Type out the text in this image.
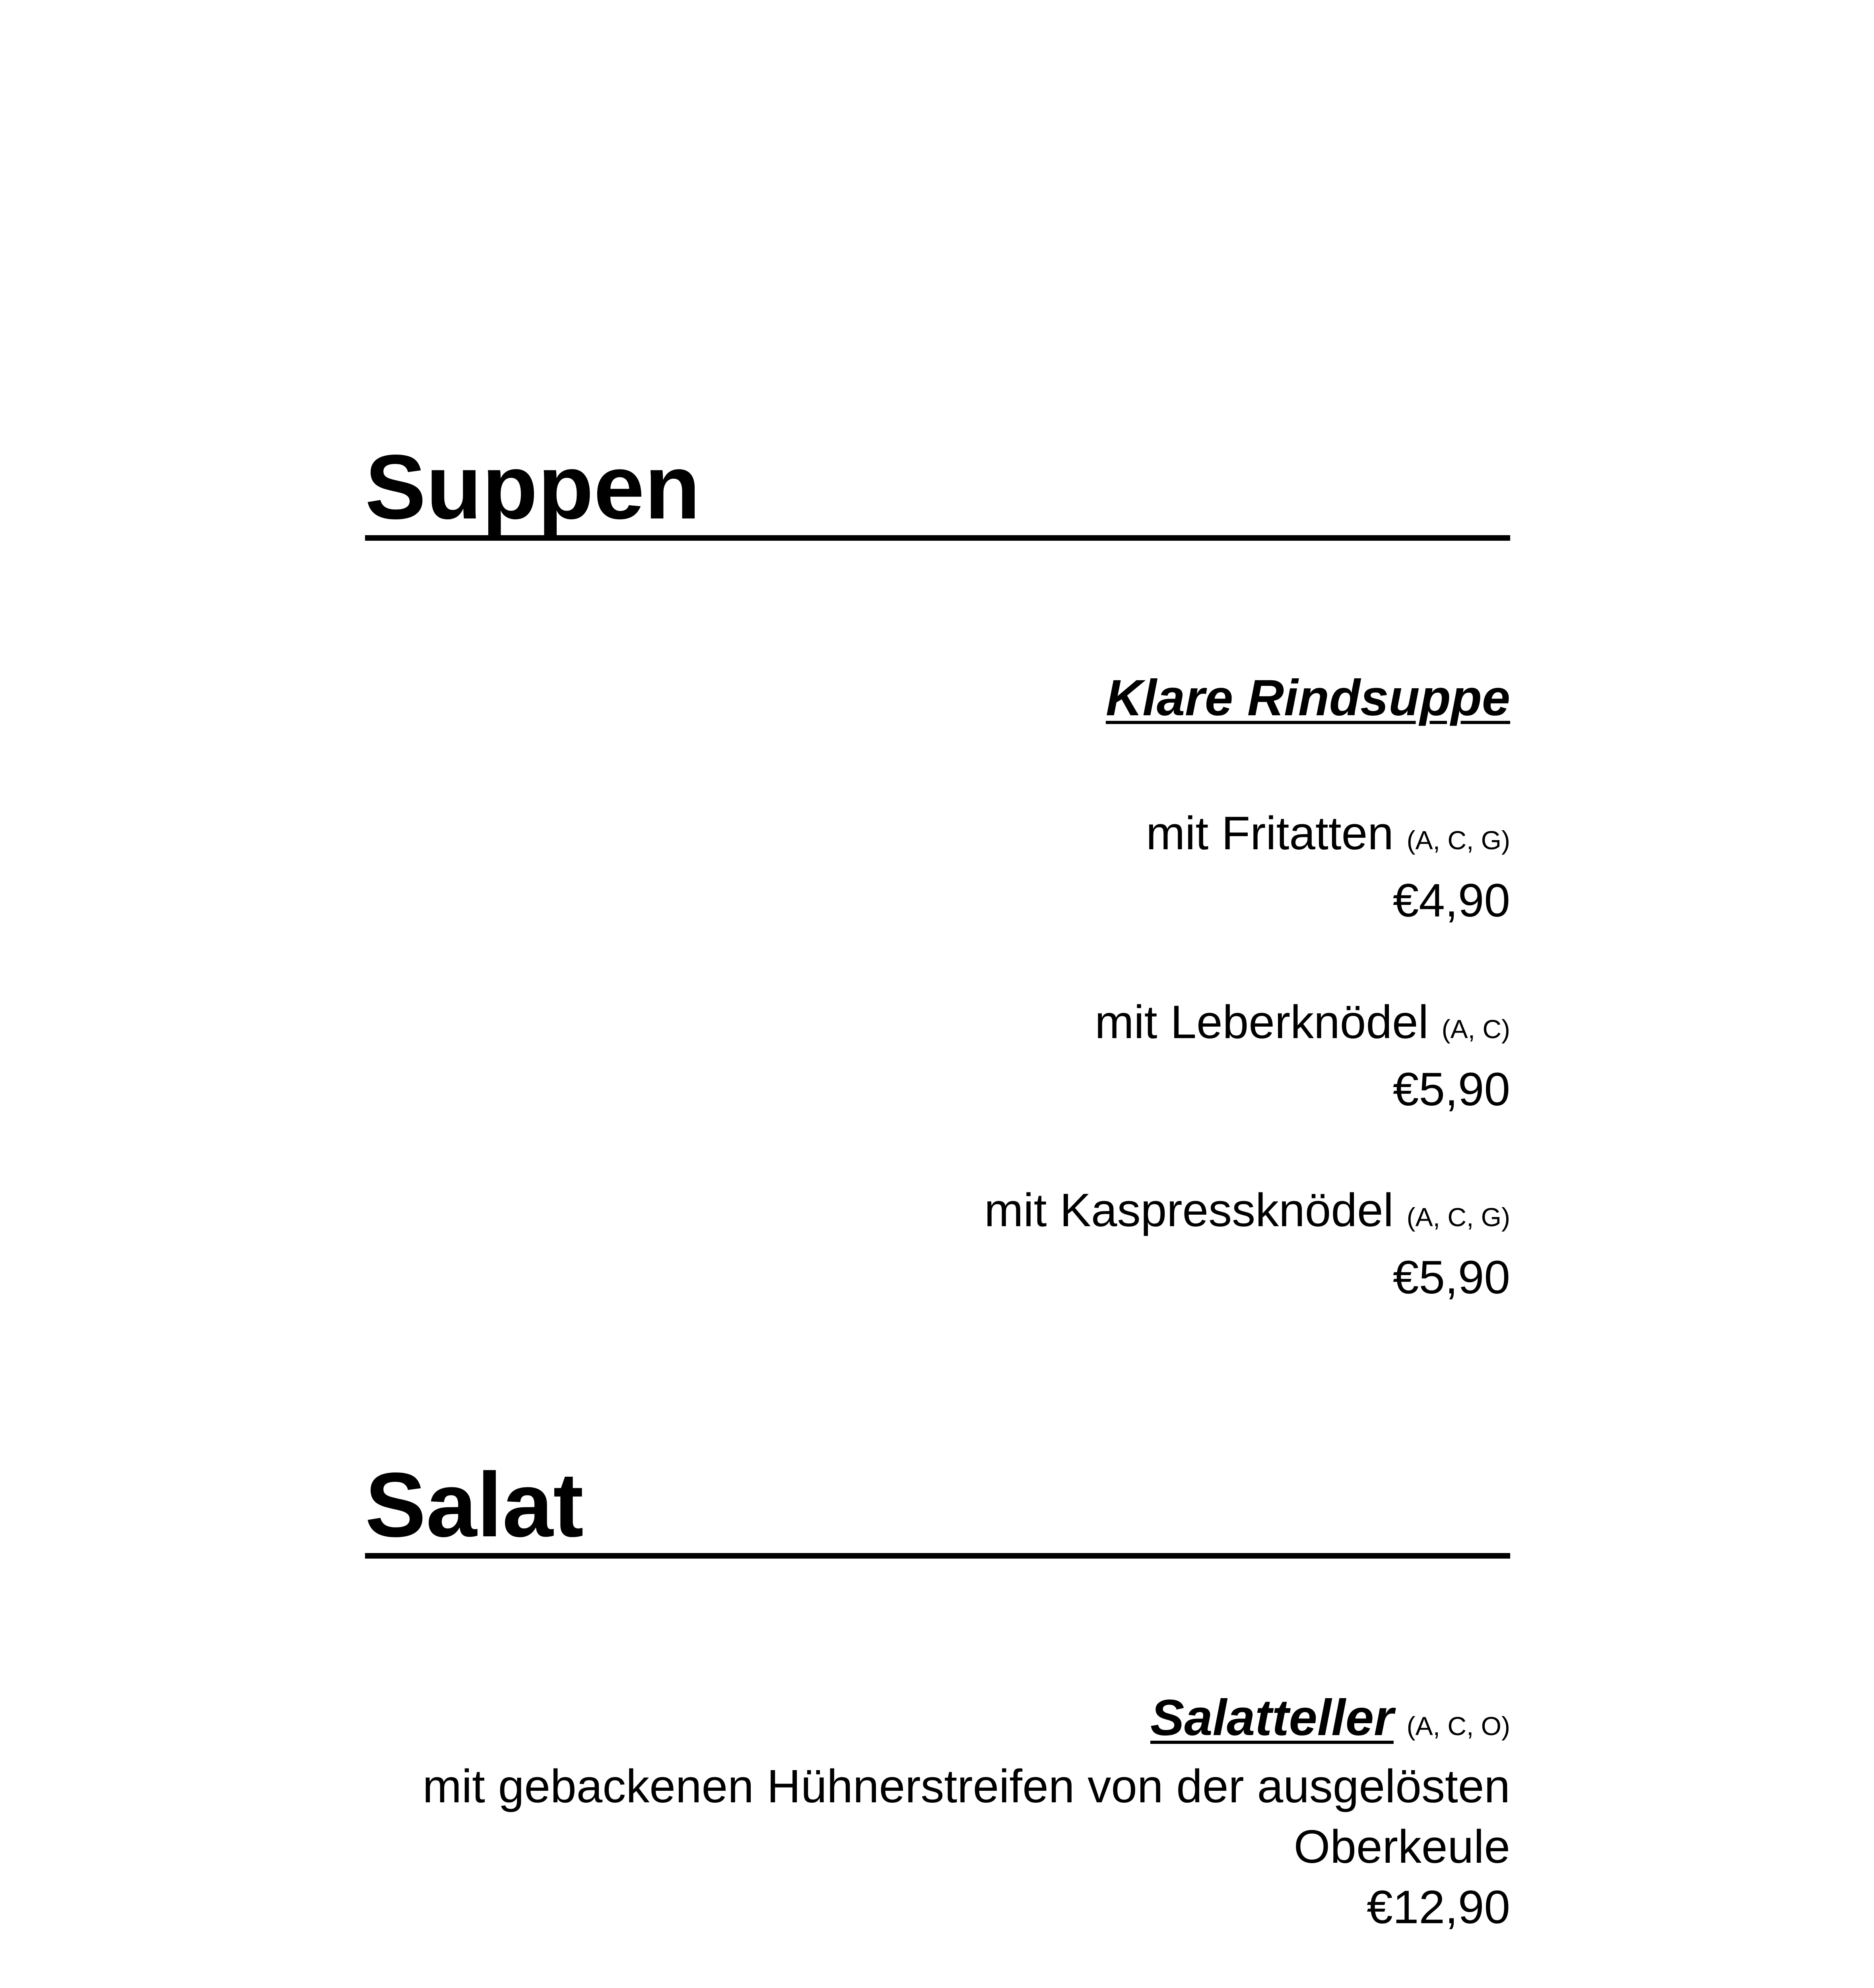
Suppen
Klare Rindsuppe
mit Fritatten (A, C, G)
€4,90
mit Leberknödel (A, C)
€5,90
mit Kaspressknödel (A, C, G)
€5,90
Salat
Salatteller (A, C, O)
mit gebackenen Hühnerstreifen von der ausgelösten Oberkeule
€12,90
